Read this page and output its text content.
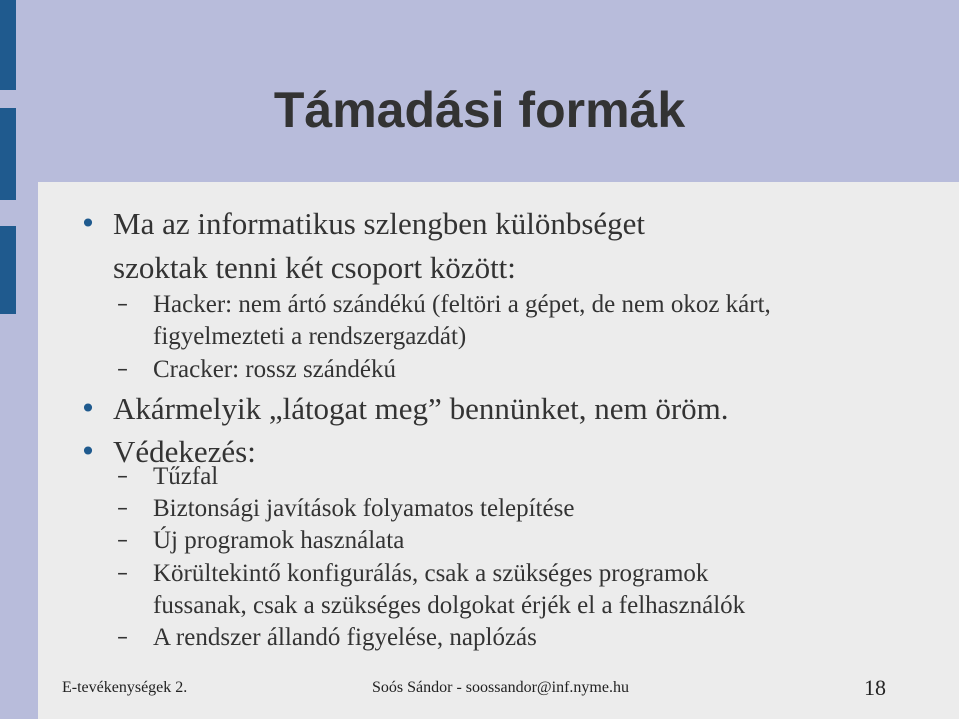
Támadási formák
• Ma az informatikus szlengben különbséget
szoktak tenni két csoport között:
–	Hacker: nem ártó szándékú (feltöri a gépet, de nem okoz kárt,
figyelmezteti a rendszergazdát)
–	Cracker: rossz szándékú
• Akármelyik „látogat meg” bennünket, nem öröm.
• Védekezés:
–	Tűzfal
–	Biztonsági javítások folyamatos telepítése
–	Új programok használata
–	Körültekintő konfigurálás, csak a szükséges programok
fussanak, csak a szükséges dolgokat érjék el a felhasználók
–	A rendszer állandó figyelése, naplózás
E-tevékenységek 2.	Soós Sándor - soossandor@inf.nyme.hu	18
